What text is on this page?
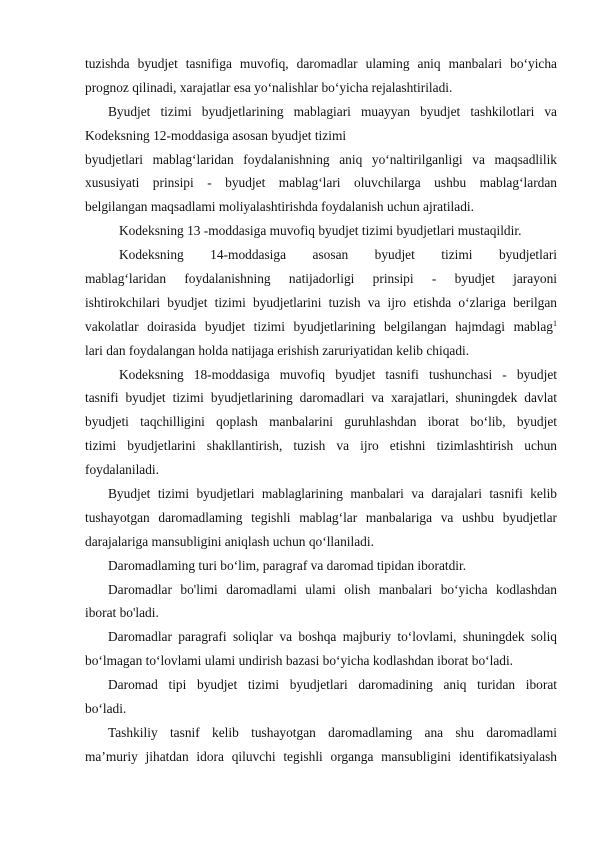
tuzishda byudjet tasnifiga muvofiq, daromadlar ulaming aniq manbalari bo‘yicha
prognoz qilinadi, xarajatlar esa yo‘nalishlar bo‘yicha rejalashtiriladi.
Byudjet tizimi byudjetlarining mablagiari muayyan byudjet tashkilotlari va
Kodeksning 12-moddasiga asosan byudjet tizimi
byudjetlari mablag‘laridan foydalanishning aniq yo‘naltirilganligi va maqsadlilik
xususiyati prinsipi - byudjet mablag‘lari oluvchilarga ushbu mablag‘lardan
belgilangan maqsadlami moliyalashtirishda foydalanish uchun ajratiladi.
Kodeksning 13 -moddasiga muvofiq byudjet tizimi byudjetlari mustaqildir.
Kodeksning 14-moddasiga asosan byudjet tizimi byudjetlari
mablag‘laridan foydalanishning natijadorligi prinsipi - byudjet jarayoni
ishtirokchilari byudjet tizimi byudjetlarini tuzish va ijro etishda o‘zlariga berilgan
vakolatlar doirasida byudjet tizimi byudjetlarining belgilangan hajmdagi mablag$^1$
lari dan foydalangan holda natijaga erishish zaruriyatidan kelib chiqadi.
Kodeksning 18-moddasiga muvofiq byudjet tasnifi tushunchasi - byudjet
tasnifi byudjet tizimi byudjetlarining daromadlari va xarajatlari, shuningdek davlat
byudjeti taqchilligini qoplash manbalarini guruhlashdan iborat bo‘lib, byudjet
tizimi byudjetlarini shakllantirish, tuzish va ijro etishni tizimlashtirish uchun
foydalaniladi.
Byudjet tizimi byudjetlari mablaglarining manbalari va darajalari tasnifi kelib
tushayotgan daromadlaming tegishli mablag‘lar manbalariga va ushbu byudjetlar
darajalariga mansubligini aniqlash uchun qo‘llaniladi.
Daromadlaming turi bo‘lim, paragraf va daromad tipidan iboratdir.
Daromadlar bo'limi daromadlami ulami olish manbalari bo‘yicha kodlashdan
iborat bo'ladi.
Daromadlar paragrafi soliqlar va boshqa majburiy to‘lovlami, shuningdek soliq
bo‘lmagan to‘lovlami ulami undirish bazasi bo‘yicha kodlashdan iborat bo‘ladi.
Daromad tipi byudjet tizimi byudjetlari daromadining aniq turidan iborat
bo‘ladi.
Tashkiliy tasnif kelib tushayotgan daromadlaming ana shu daromadlami
ma’muriy jihatdan idora qiluvchi tegishli organga mansubligini identifikatsiyalash
